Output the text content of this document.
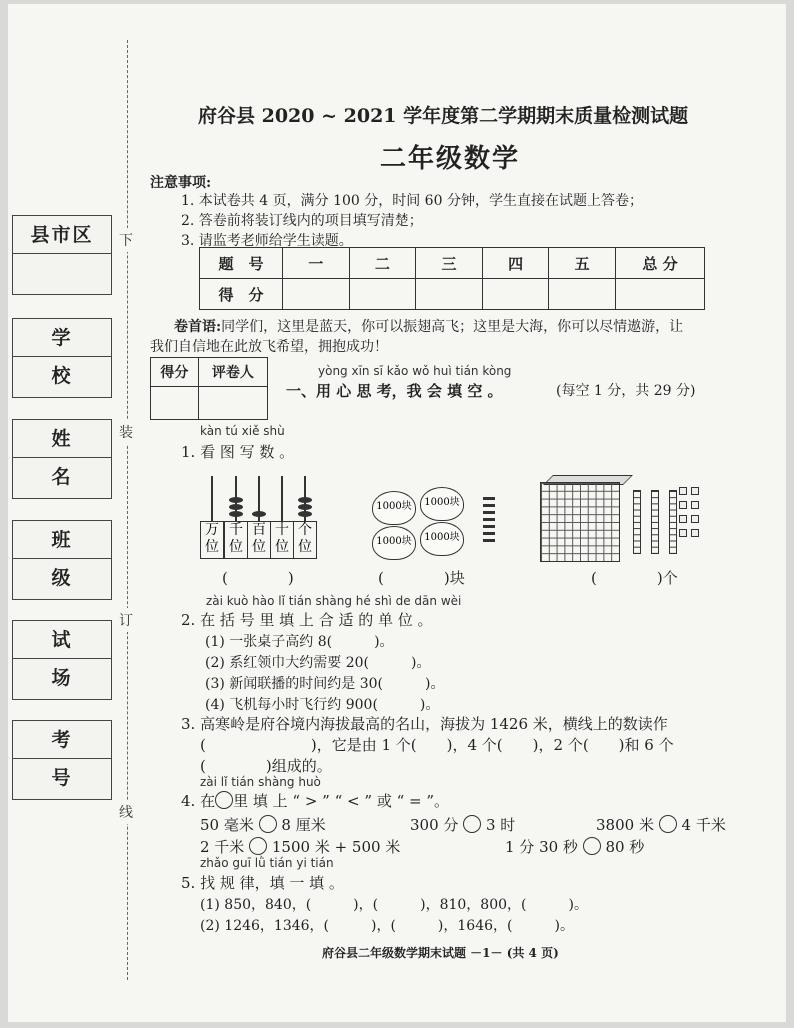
县市区
学 校
姓 名
班 级
试 场
考 号
下
装
订
线
府谷县 2020 ~ 2021 学年度第二学期期末质量检测试题
二年级数学
注意事项:
1. 本试卷共 4 页，满分 100 分，时间 60 分钟，学生直接在试题上答卷；
2. 答卷前将装订线内的项目填写清楚；
3. 请监考老师给学生读题。
题　号	一	二	三	四	五	总 分
得　分						
卷首语:同学们，这里是蓝天，你可以振翅高飞；这里是大海，你可以尽情遨游，让
我们自信地在此放飞希望，拥抱成功！
得分	评卷人
		yòng xīn sī kǎo wǒ huì tián kòng
一、用 心 思 考，我 会 填 空 。	(每空 1 分，共 29 分)
kàn tú xiě shù
1. 看 图 写 数 。
万
位
千
位
百
位
十
位
个
位
1000块	1000块
1000块	1000块
(　　　　)	(　　　　)块	(　　　　)个
zài kuò hào lǐ tián shàng hé shì de dān wèi
2. 在 括 号 里 填 上 合 适 的 单 位 。
(1) 一张桌子高约 8(　　　)。
(2) 系红领巾大约需要 20(　　　)。
(3) 新闻联播的时间约是 30(　　　)。
(4) 飞机每小时飞行约 900(　　　)。
3. 高寒岭是府谷境内海拔最高的名山，海拔为 1426 米，横线上的数读作
(　　　　　　　)，它是由 1 个(　　)，4 个(　　)，2 个(　　)和 6 个
(　　　　)组成的。
zài lǐ tián shàng huò
4. 在 里 填 上 “ > ” “ < ” 或 “ = ”。
50 毫米 8 厘米	300 分 3 时	3800 米 4 千米
2 千米 1500 米 + 500 米	1 分 30 秒 80 秒
zhǎo guī lǜ tián yi tián
5. 找 规 律，填 一 填 。
(1) 850，840，(　　　)，(　　　)，810，800，(　　　)。
(2) 1246，1346，(　　　)，(　　　)，1646，(　　　)。
府谷县二年级数学期末试题 －1－ (共 4 页)
